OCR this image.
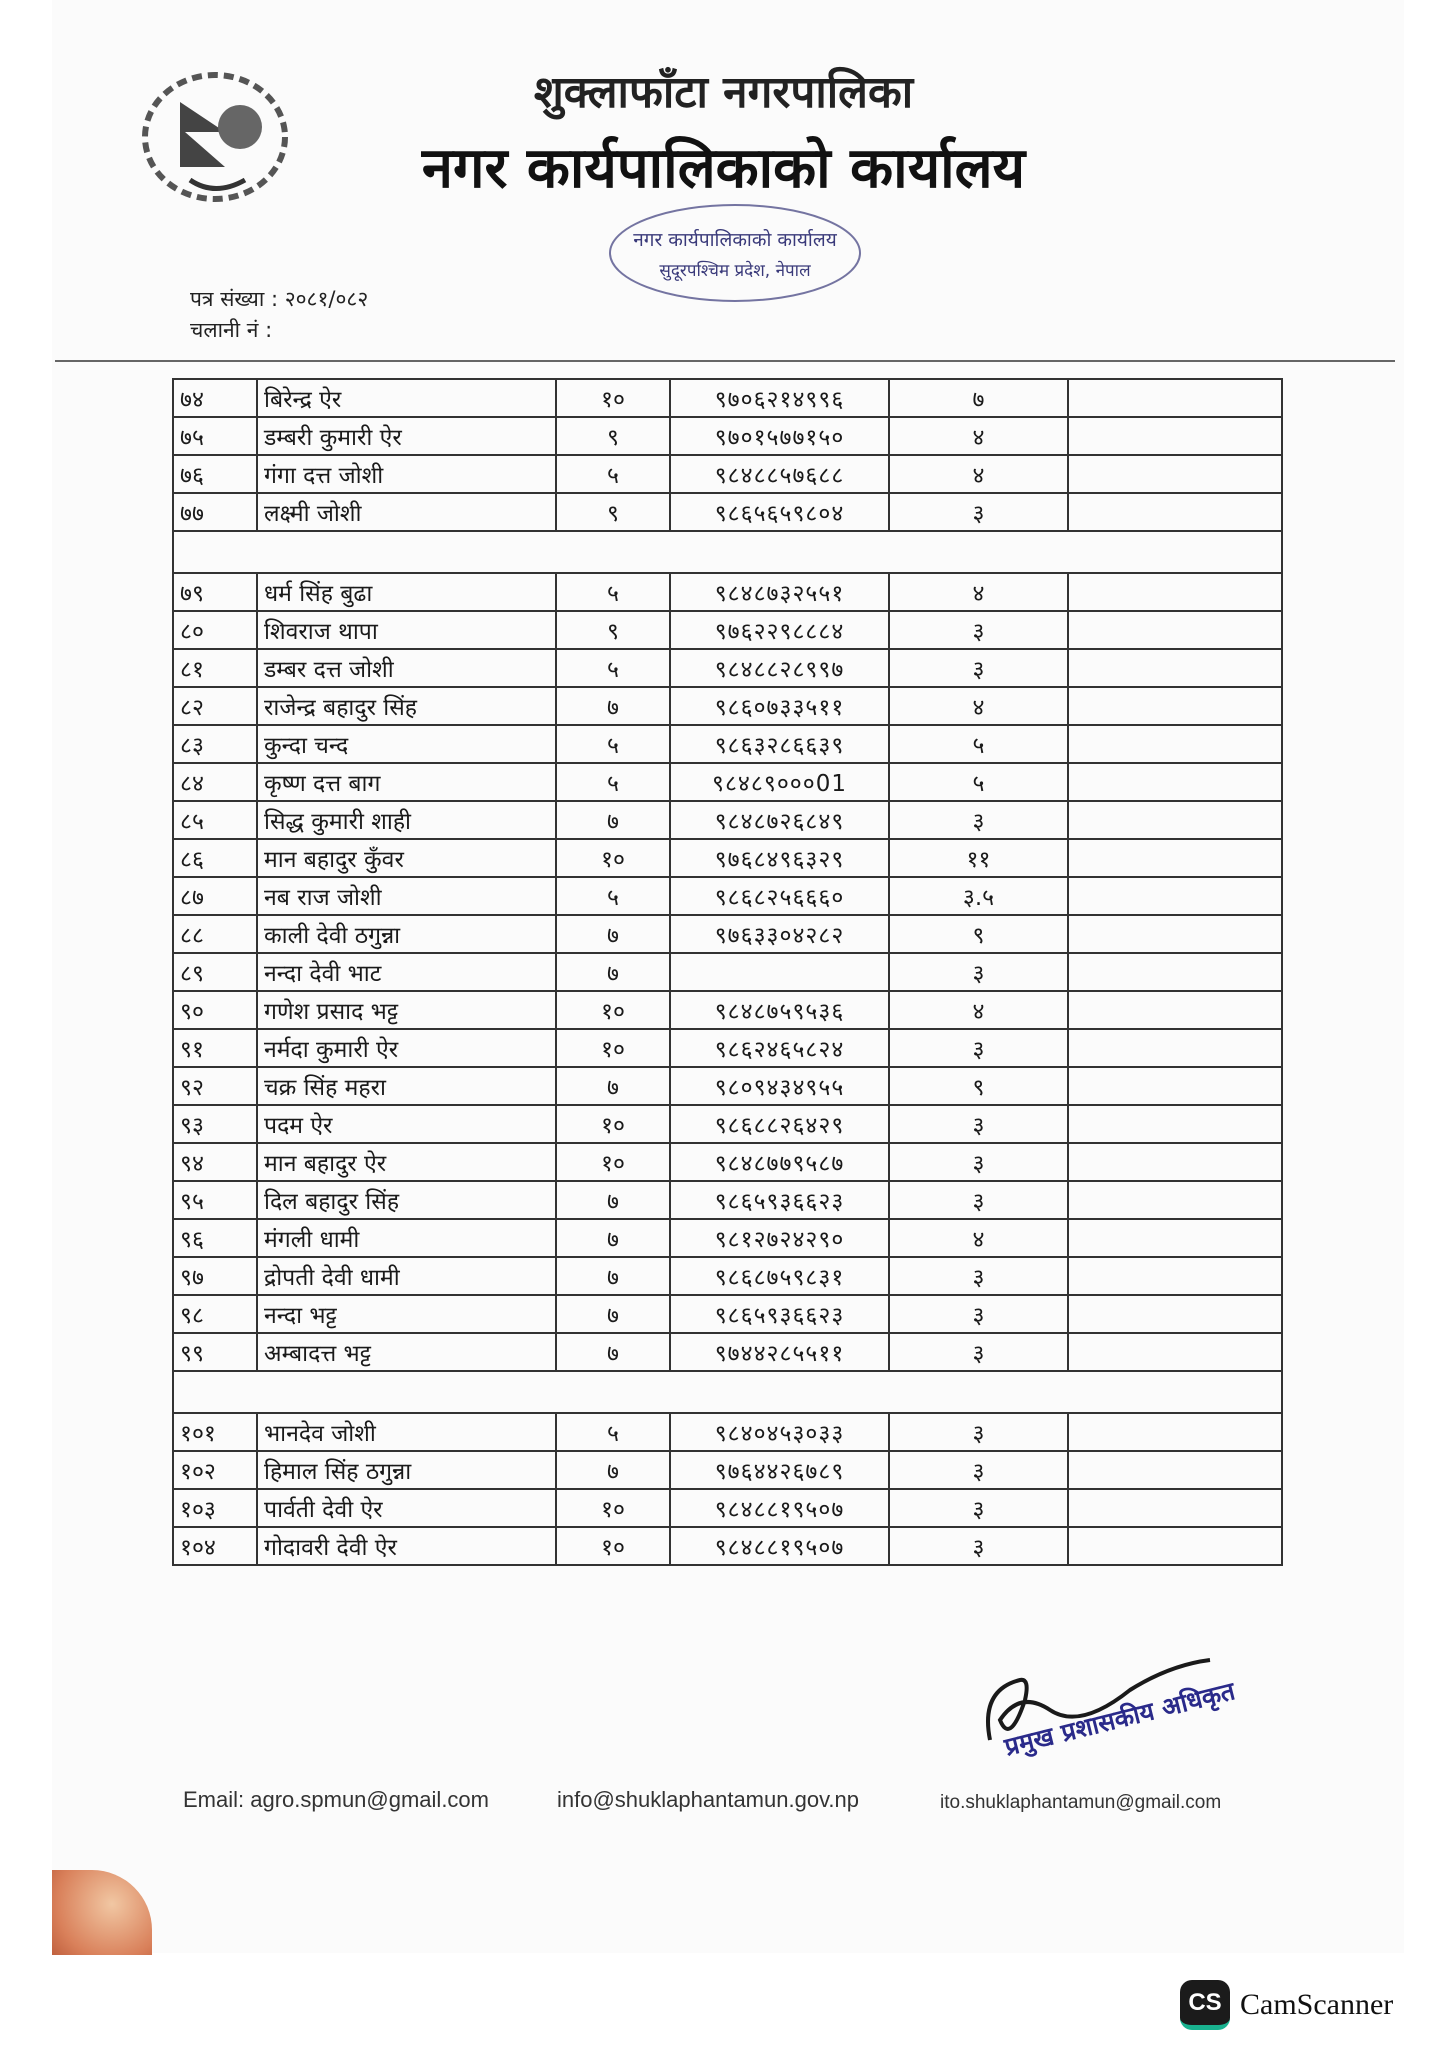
शुक्लाफाँटा नगरपालिका
नगर कार्यपालिकाको कार्यालय
नगर कार्यपालिकाको कार्यालय
सुदूरपश्चिम प्रदेश, नेपाल
पत्र संख्या : २०८१/०८२
चलानी नं :
७४	बिरेन्द्र ऐर	१०	९७०६२१४९९६	७	
७५	डम्बरी कुमारी ऐर	९	९७०१५७७१५०	४	
७६	गंगा दत्त जोशी	५	९८४८८५७६८८	४	
७७	लक्ष्मी जोशी	९	९८६५६५९८०४	३	

७९	धर्म सिंह बुढा	५	९८४८७३२५५१	४	
८०	शिवराज थापा	९	९७६२२९८८८४	३	
८१	डम्बर दत्त जोशी	५	९८४८८२८९९७	३	
८२	राजेन्द्र बहादुर सिंह	७	९८६०७३३५११	४	
८३	कुन्दा चन्द	५	९८६३२८६६३९	५	
८४	कृष्ण दत्त बाग	५	९८४८९०००01	५	
८५	सिद्ध कुमारी शाही	७	९८४८७२६८४९	३	
८६	मान बहादुर कुँवर	१०	९७६८४९६३२९	११	
८७	नब राज जोशी	५	९८६८२५६६६०	३.५	
८८	काली देवी ठगुन्ना	७	९७६३३०४२८२	९	
८९	नन्दा देवी भाट	७		३	
९०	गणेश प्रसाद भट्ट	१०	९८४८७५९५३६	४	
९१	नर्मदा कुमारी ऐर	१०	९८६२४६५८२४	३	
९२	चक्र सिंह महरा	७	९८०९४३४९५५	९	
९३	पदम ऐर	१०	९८६८८२६४२९	३	
९४	मान बहादुर ऐर	१०	९८४८७७९५८७	३	
९५	दिल बहादुर सिंह	७	९८६५९३६६२३	३	
९६	मंगली धामी	७	९८१२७२४२९०	४	
९७	द्रोपती देवी धामी	७	९८६८७५९८३१	३	
९८	नन्दा भट्ट	७	९८६५९३६६२३	३	
९९	अम्बादत्त भट्ट	७	९७४४२८५५११	३	

१०१	भानदेव जोशी	५	९८४०४५३०३३	३	
१०२	हिमाल सिंह ठगुन्ना	७	९७६४४२६७८९	३	
१०३	पार्वती देवी ऐर	१०	९८४८८१९५०७	३	
१०४	गोदावरी देवी ऐर	१०	९८४८८१९५०७	३	
प्रमुख प्रशासकीय अधिकृत
Email: agro.spmun@gmail.com	info@shuklaphantamun.gov.np	ito.shuklaphantamun@gmail.com
CS CamScanner
